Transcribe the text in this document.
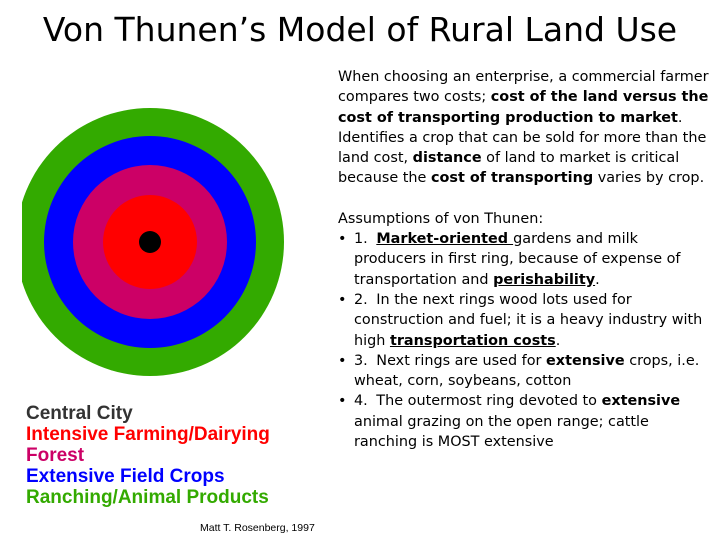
Von Thunen’s Model of Rural Land Use
Central City
Intensive Farming/Dairying
Forest
Extensive Field Crops
Ranching/Animal Products
Matt T. Rosenberg, 1997

When choosing an enterprise, a commercial farmer compares two costs; cost of the land versus the cost of transporting production to market. Identifies a crop that can be sold for more than the land cost, distance of land to market is critical because the cost of transporting varies by crop.

Assumptions of von Thunen:

• 1. Market-oriented gardens and milk producers in first ring, because of expense of transportation and perishability.
• 2. In the next rings wood lots used for construction and fuel; it is a heavy industry with high transportation costs.
• 3. Next rings are used for extensive crops, i.e. wheat, corn, soybeans, cotton
• 4. The outermost ring devoted to extensive animal grazing on the open range; cattle ranching is MOST extensive
